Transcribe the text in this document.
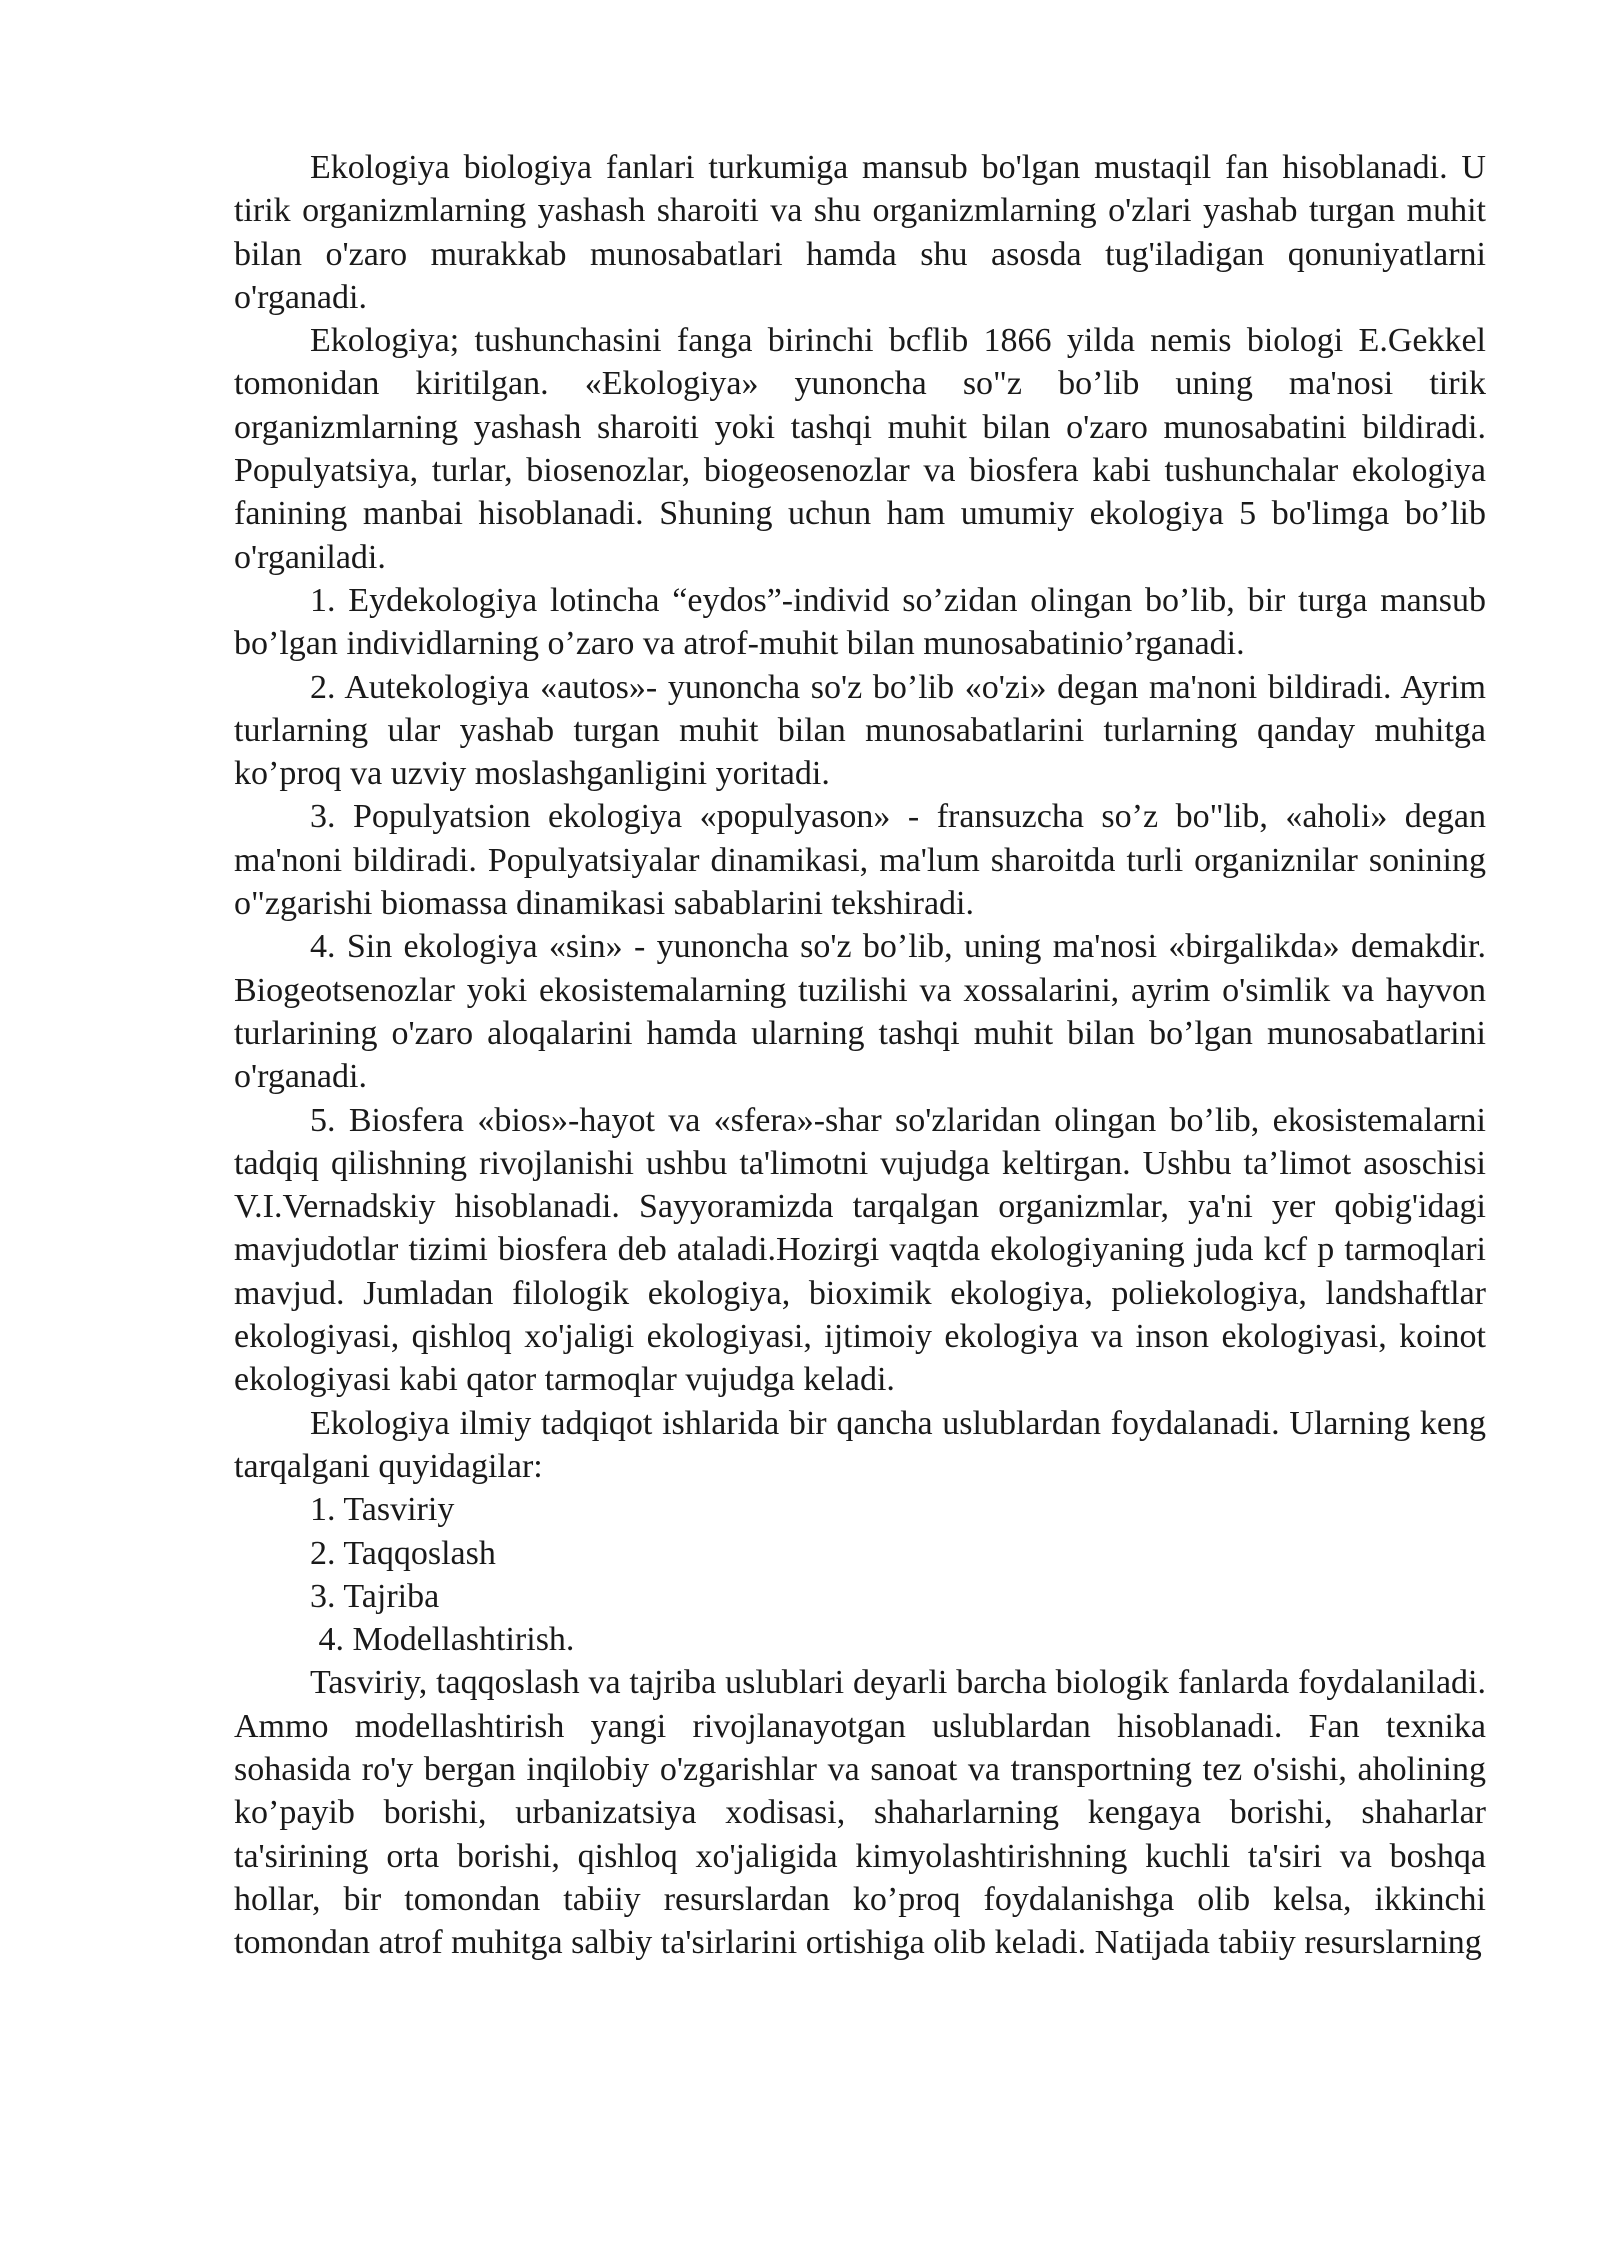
Ekologiya biologiya fanlari turkumiga mansub bo'lgan mustaqil fan hisoblanadi. U tirik organizmlarning yashash sharoiti va shu organizmlarning o'zlari yashab turgan muhit bilan o'zaro murakkab munosabatlari hamda shu asosda tug'iladigan qonuniyatlarni o'rganadi.

Ekologiya; tushunchasini fanga birinchi bcflib 1866 yilda nemis biologi E.Gekkel tomonidan kiritilgan. «Ekologiya» yunoncha so"z bo’lib uning ma'nosi tirik organizmlarning yashash sharoiti yoki tashqi muhit bilan o'zaro munosabatini bildiradi. Populyatsiya, turlar, biosenozlar, biogeosenozlar va biosfera kabi tushunchalar ekologiya fanining manbai hisoblanadi. Shuning uchun ham umumiy ekologiya 5 bo'limga bo’lib o'rganiladi.

1. Eydekologiya lotincha “eydos”-individ so’zidan olingan bo’lib, bir turga mansub bo’lgan individlarning o’zaro va atrof-muhit bilan munosabatinio’rganadi.

2. Autekologiya «autos»- yunoncha so'z bo’lib «o'zi» degan ma'noni bildiradi. Ayrim turlarning ular yashab turgan muhit bilan munosabatlarini turlarning qanday muhitga ko’proq va uzviy moslashganligini yoritadi.

3. Populyatsion ekologiya «populyason» - fransuzcha so’z bo"lib, «aholi» degan ma'noni bildiradi. Populyatsiyalar dinamikasi, ma'lum sharoitda turli organiznilar sonining o"zgarishi biomassa dinamikasi sabablarini tekshiradi.

4. Sin ekologiya «sin» - yunoncha so'z bo’lib, uning ma'nosi «birgalikda» demakdir. Biogeotsenozlar yoki ekosistemalarning tuzilishi va xossalarini, ayrim o'simlik va hayvon turlarining o'zaro aloqalarini hamda ularning tashqi muhit bilan bo’lgan munosabatlarini o'rganadi.

5. Biosfera «bios»-hayot va «sfera»-shar so'zlaridan olingan bo’lib, ekosistemalarni tadqiq qilishning rivojlanishi ushbu ta'limotni vujudga keltirgan. Ushbu ta’limot asoschisi V.I.Vernadskiy hisoblanadi. Sayyoramizda tarqalgan organizmlar, ya'ni yer qobig'idagi mavjudotlar tizimi biosfera deb ataladi.Hozirgi vaqtda ekologiyaning juda kcf p tarmoqlari mavjud. Jumladan filologik ekologiya, bioximik ekologiya, poliekologiya, landshaftlar ekologiyasi, qishloq xo'jaligi ekologiyasi, ijtimoiy ekologiya va inson ekologiyasi, koinot ekologiyasi kabi qator tarmoqlar vujudga keladi.

Ekologiya ilmiy tadqiqot ishlarida bir qancha uslublardan foydalanadi. Ularning keng tarqalgani quyidagilar:

1. Tasviriy

2. Taqqoslash

3. Tajriba

4. Modellashtirish.

Tasviriy, taqqoslash va tajriba uslublari deyarli barcha biologik fanlarda foydalaniladi. Ammo modellashtirish yangi rivojlanayotgan uslublardan hisoblanadi. Fan texnika sohasida ro'y bergan inqilobiy o'zgarishlar va sanoat va transportning tez o'sishi, aholining ko’payib borishi, urbanizatsiya xodisasi, shaharlarning kengaya borishi, shaharlar ta'sirining orta borishi, qishloq xo'jaligida kimyolashtirishning kuchli ta'siri va boshqa hollar, bir tomondan tabiiy resurslardan ko’proq foydalanishga olib kelsa, ikkinchi tomondan atrof muhitga salbiy ta'sirlarini ortishiga olib keladi. Natijada tabiiy resurslarning
